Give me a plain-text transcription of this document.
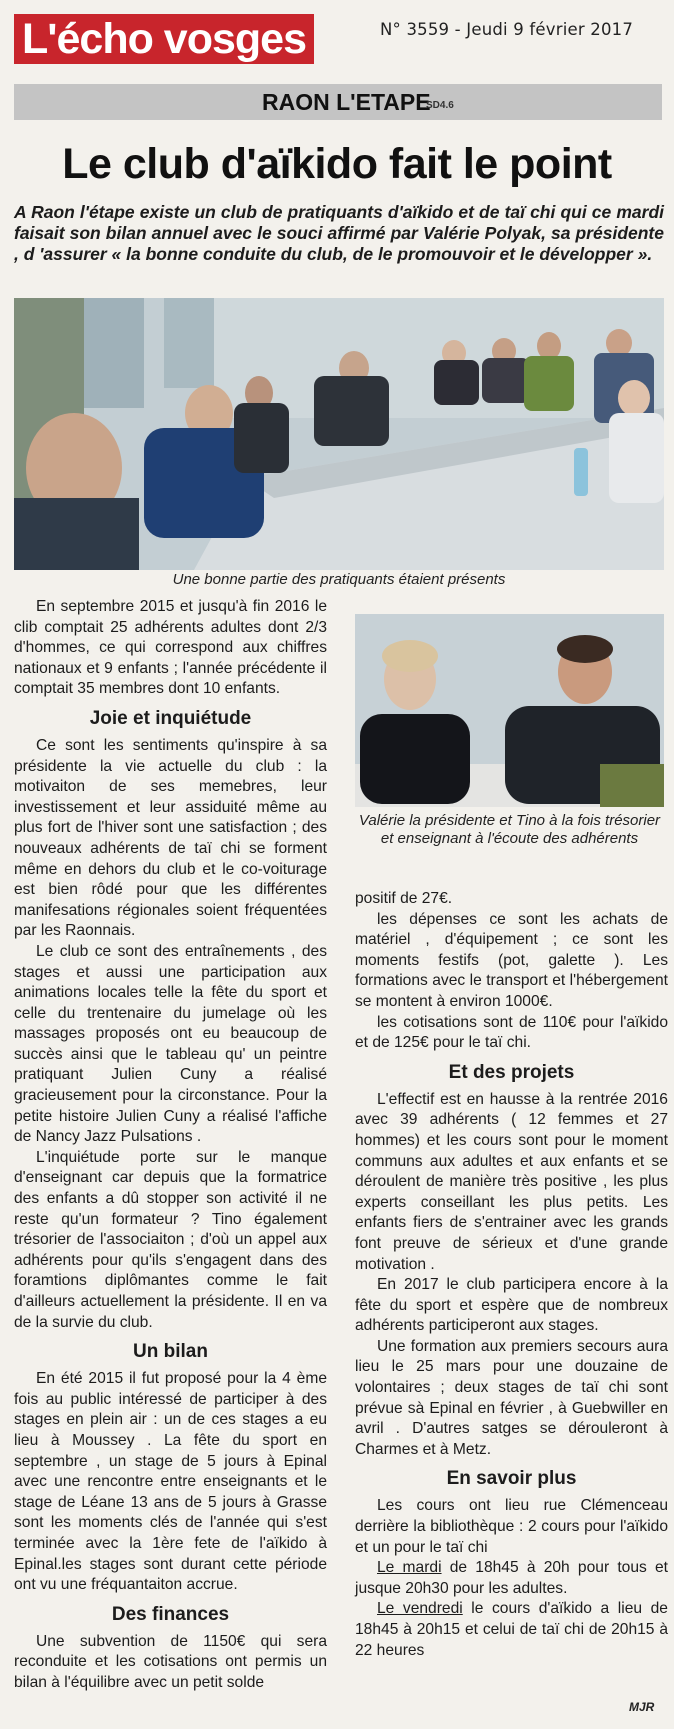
L'écho vosges	N° 3559 - Jeudi 9 février 2017
RAON L'ETAPE
SD4.6
Le club d'aïkido fait le point
A Raon l'étape existe un club de pratiquants d'aïkido et de taï chi qui ce mardi faisait son bilan annuel avec le souci affirmé par Valérie Polyak, sa présidente , d 'assurer « la bonne conduite du club, de le promouvoir et le développer ».
Une bonne partie des pratiquants étaient présents
Valérie la présidente et Tino à la fois trésorier et enseignant à l'écoute des adhérents

En septembre 2015 et jusqu'à fin 2016 le clib comptait 25 adhérents adultes dont 2/3 d'hommes, ce qui correspond aux chiffres nationaux et 9 enfants ; l'année précédente il comptait 35 membres dont 10 enfants.

Joie et inquiétude

Ce sont les sentiments qu'inspire à sa présidente la vie actuelle du club : la motivaiton de ses memebres, leur investissement et leur assiduité même au plus fort de l'hiver sont une satisfaction ; des nouveaux adhérents de taï chi se forment même en dehors du club et le co-voiturage est bien rôdé pour que les différentes manifesations régionales soient fréquentées par les Raonnais.

Le club ce sont des entraînements , des stages et aussi une participation aux animations locales telle la fête du sport et celle du trentenaire du jumelage où les massages proposés ont eu beaucoup de succès ainsi que le tableau qu' un peintre pratiquant Julien Cuny a réalisé gracieusement pour la circonstance. Pour la petite histoire Julien Cuny a réalisé l'affiche de Nancy Jazz Pulsations .

L'inquiétude porte sur le manque d'enseignant car depuis que la formatrice des enfants a dû stopper son activité il ne reste qu'un formateur ? Tino également trésorier de l'associaiton ; d'où un appel aux adhérents pour qu'ils s'engagent dans des foramtions diplômantes comme le fait d'ailleurs actuellement la présidente. Il en va de la survie du club.

Un bilan

En été 2015 il fut proposé pour la 4 ème fois au public intéressé de participer à des stages en plein air : un de ces stages a eu lieu à Moussey . La fête du sport en septembre , un stage de 5 jours à Epinal avec une rencontre entre enseignants et le stage de Léane 13 ans de 5 jours à Grasse sont les moments clés de l'année qui s'est terminée avec la 1ère fete de l'aïkido à Epinal.les stages sont durant cette période ont vu une fréquantaiton accrue.

Des finances

Une subvention de 1150€ qui sera reconduite et les cotisations ont permis un bilan à l'équilibre avec un petit solde

positif de 27€.

les dépenses ce sont les achats de matériel , d'équipement ; ce sont les moments festifs (pot, galette ). Les formations avec le transport et l'hébergement se montent à environ 1000€.

les cotisations sont de 110€ pour l'aïkido et de 125€ pour le taï chi.

Et des projets

L'effectif est en hausse à la rentrée 2016 avec 39 adhérents ( 12 femmes et 27 hommes) et les cours sont pour le moment communs aux adultes et aux enfants et se déroulent de manière très positive , les plus experts conseillant les plus petits. Les enfants fiers de s'entrainer avec les grands font preuve de sérieux et d'une grande motivation .

En 2017 le club participera encore à la fête du sport et espère que de nombreux adhérents participeront aux stages.

Une formation aux premiers secours aura lieu le 25 mars pour une douzaine de volontaires ; deux stages de taï chi sont prévue sà Epinal en février , à Guebwiller en avril . D'autres satges se dérouleront à Charmes et à Metz.

En savoir plus

Les cours ont lieu rue Clémenceau derrière la bibliothèque : 2 cours pour l'aïkido et un pour le taï chi

Le mardi de 18h45 à 20h pour tous et jusque 20h30 pour les adultes.

Le vendredi le cours d'aïkido a lieu de 18h45 à 20h15 et celui de taï chi de 20h15 à 22 heures

MJR
